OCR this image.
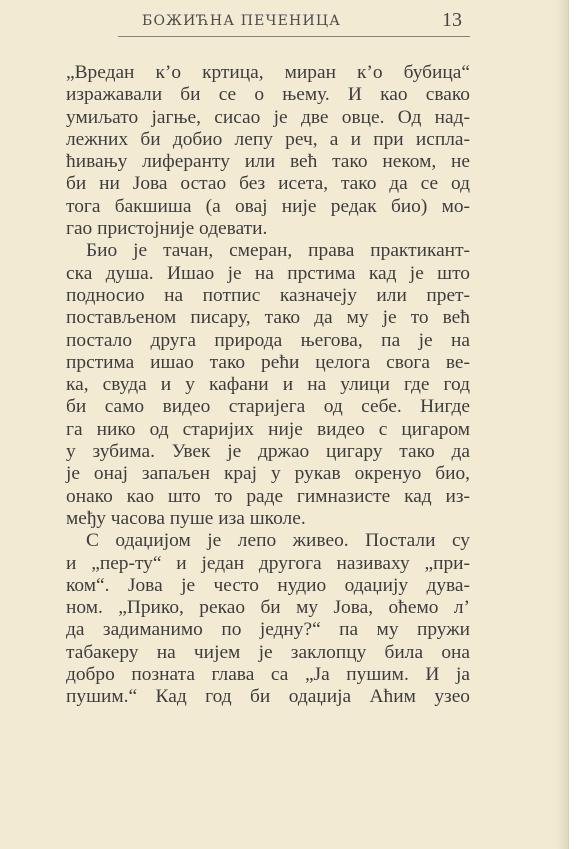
БОЖИЋНА ПЕЧЕНИЦА	13
„Вредан к’о кртица, миран к’о бубица“
изражавали би се о њему. И као свако
умиљато јагње, сисао је две овце. Од над-
лежних би добио лепу реч, а и при испла-
ћивању лиферанту или већ тако неком, не
би ни Јова остао без исета, тако да се од
тога бакшиша (а овај није редак био) мо-
гао пристојније одевати.
Био је тачан, смеран, права практикант-
ска душа. Ишао је на прстима кад је што
подносио на потпис казначеју или прет-
постављеном писару, тако да му је то већ
постало друга природа његова, па је на
прстима ишао тако рећи целога свога ве-
ка, свуда и у кафани и на улици где год
би само видео старијега од себе. Нигде
га нико од старијих није видео с цигаром
у зубима. Увек је држао цигару тако да
је онај запаљен крај у рукав окренуо био,
онако као што то раде гимназисте кад из-
међу часова пуше иза школе.
С одаџијом је лепо живео. Постали су
и „пер-ту“ и један другога називаху „при-
ком“. Јова је често нудио одаџију дува-
ном. „Прико, рекао би му Јова, оћемо л’
да задиманимо по једну?“ па му пружи
табакеру на чијем је заклопцу била она
добро позната глава са „Ја пушим. И ја
пушим.“ Кад год би одаџија Аћим узео
